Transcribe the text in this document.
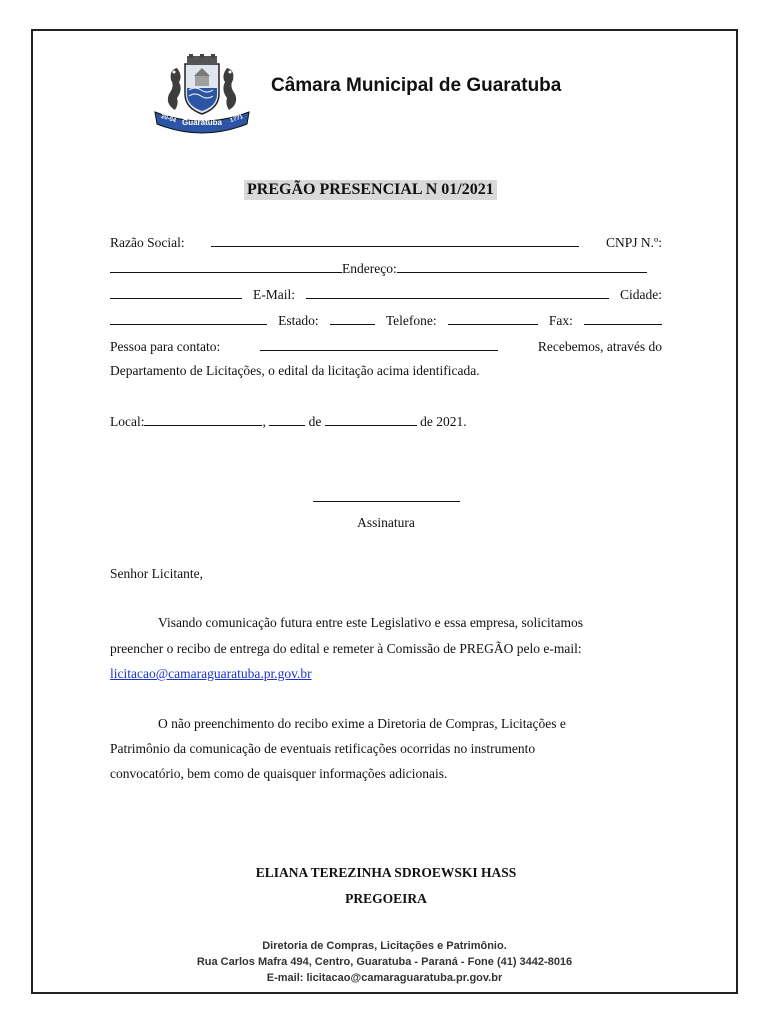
Guaratuba
20-04	1771
Câmara Municipal de Guaratuba
PREGÃO PRESENCIAL N 01/2021
Razão Social:	CNPJ N.º:
Endereço:
E-Mail:	Cidade:
Estado:	Telefone:	Fax:
Pessoa para contato:	Recebemos, através do
Departamento de Licitações, o edital da licitação acima identificada.
Local:	,	de	de 2021.
Assinatura
Senhor Licitante,
Visando comunicação futura entre este Legislativo e essa empresa, solicitamos
preencher o recibo de entrega do edital e remeter à Comissão de PREGÃO pelo e-mail:
licitacao@camaraguaratuba.pr.gov.br
O não preenchimento do recibo exime a Diretoria de Compras, Licitações e
Patrimônio da comunicação de eventuais retificações ocorridas no instrumento
convocatório, bem como de quaisquer informações adicionais.
ELIANA TEREZINHA SDROEWSKI HASS
PREGOEIRA
Diretoria de Compras, Licitações e Patrimônio.
Rua Carlos Mafra 494, Centro, Guaratuba - Paraná - Fone (41) 3442-8016
E-mail: licitacao@camaraguaratuba.pr.gov.br
